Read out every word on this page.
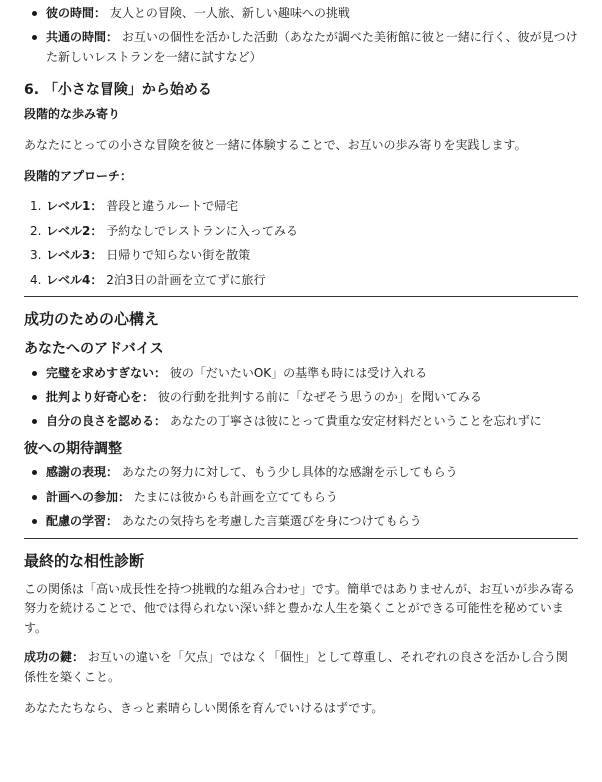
彼の時間： 友人との冒険、一人旅、新しい趣味への挑戦
共通の時間： お互いの個性を活かした活動（あなたが調べた美術館に彼と一緒に行く、彼が見つけた新しいレストランを一緒に試すなど）
6. 「小さな冒険」から始める

段階的な歩み寄り

あなたにとっての小さな冒険を彼と一緒に体験することで、お互いの歩み寄りを実践します。

段階的アプローチ：

1. レベル1： 普段と違うルートで帰宅
2. レベル2： 予約なしでレストランに入ってみる
3. レベル3： 日帰りで知らない街を散策
4. レベル4： 2泊3日の計画を立てずに旅行
成功のための心構え
あなたへのアドバイス
完璧を求めすぎない： 彼の「だいたいOK」の基準も時には受け入れる
批判より好奇心を： 彼の行動を批判する前に「なぜそう思うのか」を聞いてみる
自分の良さを認める： あなたの丁寧さは彼にとって貴重な安定材料だということを忘れずに
彼への期待調整
感謝の表現： あなたの努力に対して、もう少し具体的な感謝を示してもらう
計画への参加： たまには彼からも計画を立ててもらう
配慮の学習： あなたの気持ちを考慮した言葉選びを身につけてもらう
最終的な相性診断

この関係は「高い成長性を持つ挑戦的な組み合わせ」です。簡単ではありませんが、お互いが歩み寄る努力を続けることで、他では得られない深い絆と豊かな人生を築くことができる可能性を秘めています。

成功の鍵： お互いの違いを「欠点」ではなく「個性」として尊重し、それぞれの良さを活かし合う関係性を築くこと。

あなたたちなら、きっと素晴らしい関係を育んでいけるはずです。
